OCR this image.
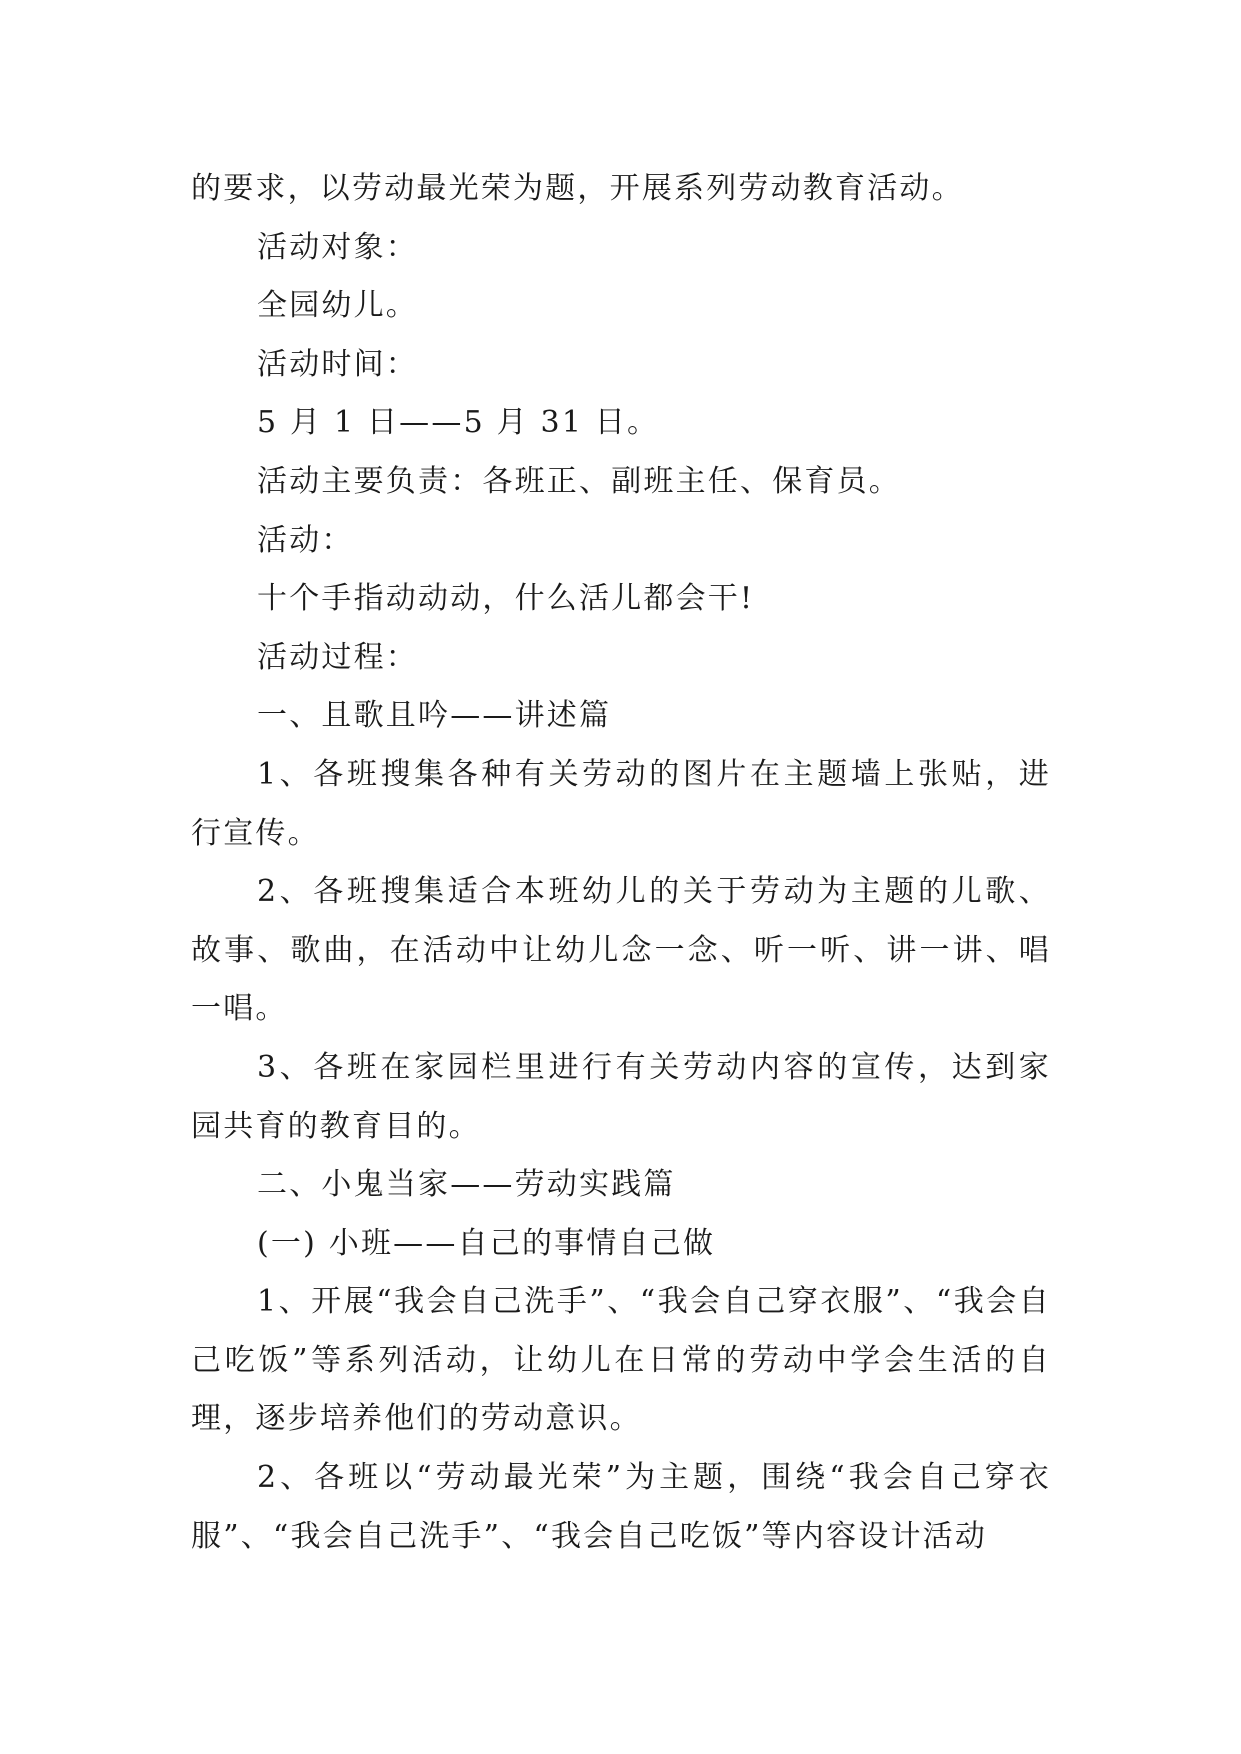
的要求，以劳动最光荣为题，开展系列劳动教育活动。

活动对象：

全园幼儿。

活动时间：

5 月 1 日——5 月 31 日。

活动主要负责：各班正、副班主任、保育员。

活动：

十个手指动动动，什么活儿都会干!

活动过程：

一、且歌且吟——讲述篇

1、各班搜集各种有关劳动的图片在主题墙上张贴，进行宣传。

2、各班搜集适合本班幼儿的关于劳动为主题的儿歌、故事、歌曲，在活动中让幼儿念一念、听一听、讲一讲、唱一唱。

3、各班在家园栏里进行有关劳动内容的宣传，达到家园共育的教育目的。

二、小鬼当家——劳动实践篇

(一) 小班——自己的事情自己做

1、开展“我会自己洗手”、“我会自己穿衣服”、“我会自己吃饭”等系列活动，让幼儿在日常的劳动中学会生活的自理，逐步培养他们的劳动意识。

2、各班以“劳动最光荣”为主题，围绕“我会自己穿衣服”、“我会自己洗手”、“我会自己吃饭”等内容设计活动
